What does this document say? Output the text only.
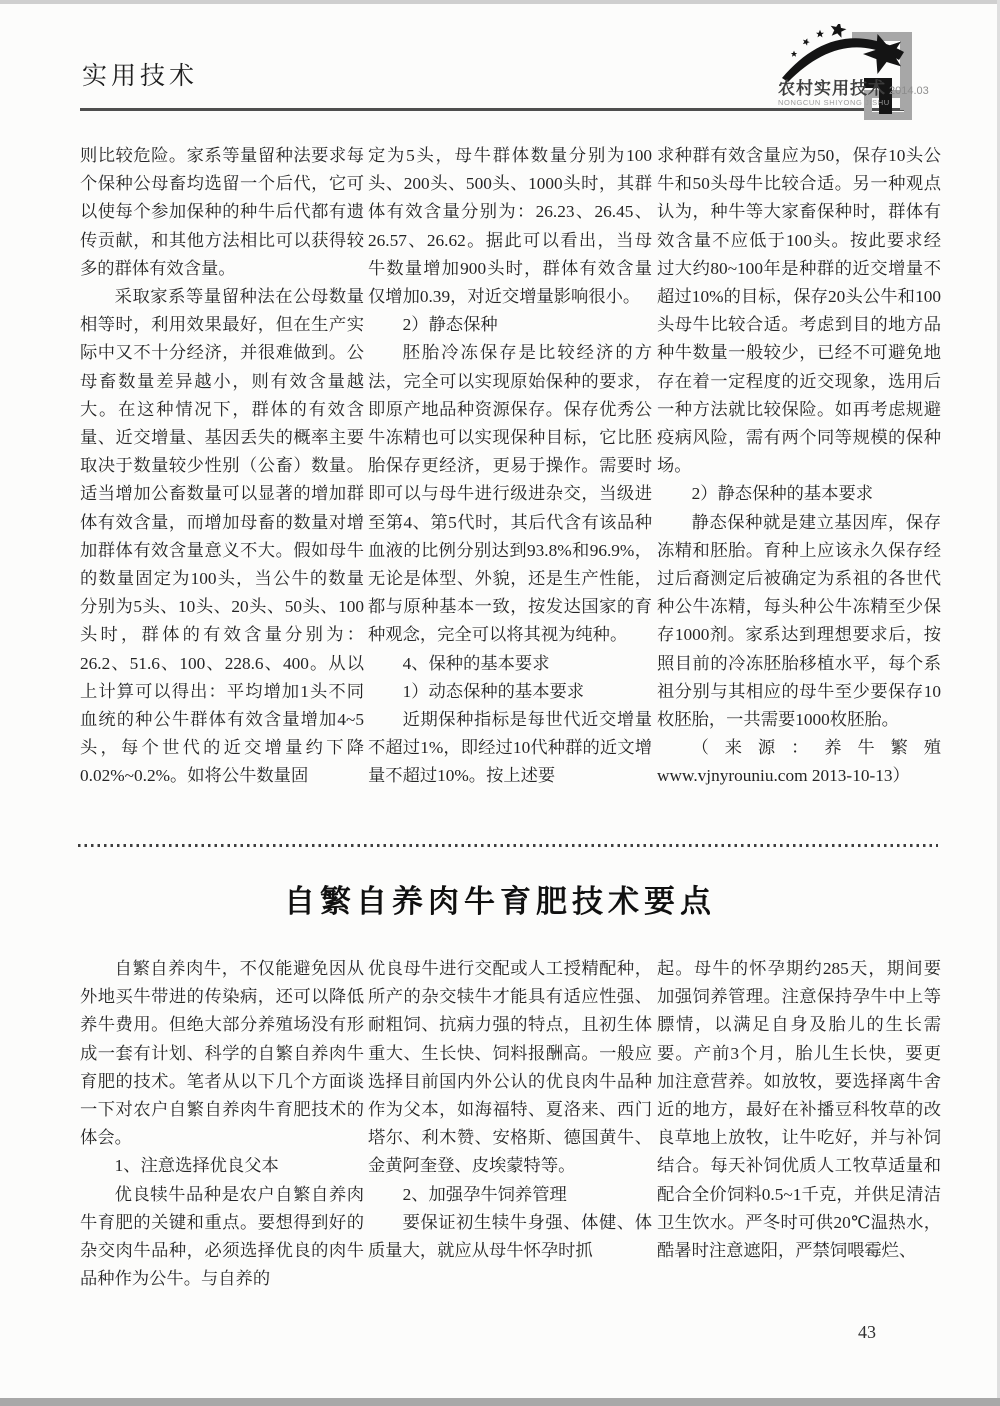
实用技术	农村实用技术 2014.03
NONGCUN SHIYONG JISHU

则比较危险。家系等量留种法要求每个保种公母畜均选留一个后代，它可以使每个参加保种的种牛后代都有遗传贡献，和其他方法相比可以获得较多的群体有效含量。

采取家系等量留种法在公母数量相等时，利用效果最好，但在生产实际中又不十分经济，并很难做到。公母畜数量差异越小，则有效含量越大。在这种情况下，群体的有效含量、近交增量、基因丢失的概率主要取决于数量较少性别（公畜）数量。适当增加公畜数量可以显著的增加群体有效含量，而增加母畜的数量对增加群体有效含量意义不大。假如母牛的数量固定为100头，当公牛的数量分别为5头、10头、20头、50头、100头时，群体的有效含量分别为：26.2、51.6、100、228.6、400。从以上计算可以得出：平均增加1头不同血统的种公牛群体有效含量增加4~5头，每个世代的近交增量约下降0.02%~0.2%。如将公牛数量固

定为5头，母牛群体数量分别为100头、200头、500头、1000头时，其群体有效含量分别为：26.23、26.45、26.57、26.62。据此可以看出，当母牛数量增加900头时，群体有效含量仅增加0.39，对近交增量影响很小。

2）静态保种

胚胎冷冻保存是比较经济的方法，完全可以实现原始保种的要求，即原产地品种资源保存。保存优秀公牛冻精也可以实现保种目标，它比胚胎保存更经济，更易于操作。需要时即可以与母牛进行级进杂交，当级进至第4、第5代时，其后代含有该品种血液的比例分别达到93.8%和96.9%，无论是体型、外貌，还是生产性能，都与原种基本一致，按发达国家的育种观念，完全可以将其视为纯种。

4、保种的基本要求

1）动态保种的基本要求

近期保种指标是每世代近交增量不超过1%，即经过10代种群的近文增量不超过10%。按上述要

求种群有效含量应为50，保存10头公牛和50头母牛比较合适。另一种观点认为，种牛等大家畜保种时，群体有效含量不应低于100头。按此要求经过大约80~100年是种群的近交增量不超过10%的目标，保存20头公牛和100头母牛比较合适。考虑到目的地方品种牛数量一般较少，已经不可避免地存在着一定程度的近交现象，选用后一种方法就比较保险。如再考虑规避疫病风险，需有两个同等规模的保种场。

2）静态保种的基本要求

静态保种就是建立基因库，保存冻精和胚胎。育种上应该永久保存经过后裔测定后被确定为系祖的各世代种公牛冻精，每头种公牛冻精至少保存1000剂。家系达到理想要求后，按照目前的冷冻胚胎移植水平，每个系祖分别与其相应的母牛至少要保存10枚胚胎，一共需要1000枚胚胎。

（来源：养牛繁殖www.vjnyrouniu.com 2013-10-13）

自繁自养肉牛育肥技术要点

自繁自养肉牛，不仅能避免因从外地买牛带进的传染病，还可以降低养牛费用。但绝大部分养殖场没有形成一套有计划、科学的自繁自养肉牛育肥的技术。笔者从以下几个方面谈一下对农户自繁自养肉牛育肥技术的体会。

1、注意选择优良父本

优良犊牛品种是农户自繁自养肉牛育肥的关键和重点。要想得到好的杂交肉牛品种，必须选择优良的肉牛品种作为公牛。与自养的

优良母牛进行交配或人工授精配种，所产的杂交犊牛才能具有适应性强、耐粗饲、抗病力强的特点，且初生体重大、生长快、饲料报酬高。一般应选择目前国内外公认的优良肉牛品种作为父本，如海福特、夏洛来、西门塔尔、利木赞、安格斯、德国黄牛、金黄阿奎登、皮埃蒙特等。

2、加强孕牛饲养管理

要保证初生犊牛身强、体健、体质量大，就应从母牛怀孕时抓

起。母牛的怀孕期约285天，期间要加强饲养管理。注意保持孕牛中上等膘情，以满足自身及胎儿的生长需要。产前3个月，胎儿生长快，要更加注意营养。如放牧，要选择离牛舍近的地方，最好在补播豆科牧草的改良草地上放牧，让牛吃好，并与补饲结合。每天补饲优质人工牧草适量和配合全价饲料0.5~1千克，并供足清洁卫生饮水。严冬时可供20℃温热水，酷暑时注意遮阳，严禁饲喂霉烂、

43
